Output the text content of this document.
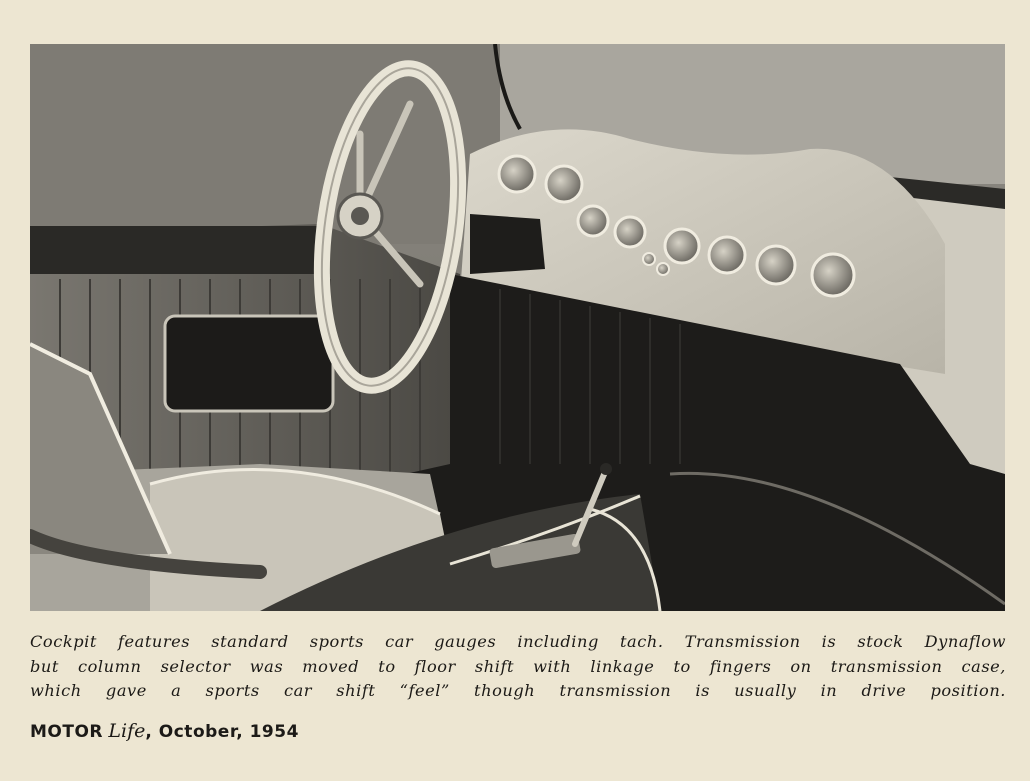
Cockpit features standard sports car gauges including tach. Transmission is stock Dynaflow
but column selector was moved to floor shift with linkage to fingers on transmission case,
which gave a sports car shift “feel” though transmission is usually in drive position.

MOTOR Life, October, 1954
